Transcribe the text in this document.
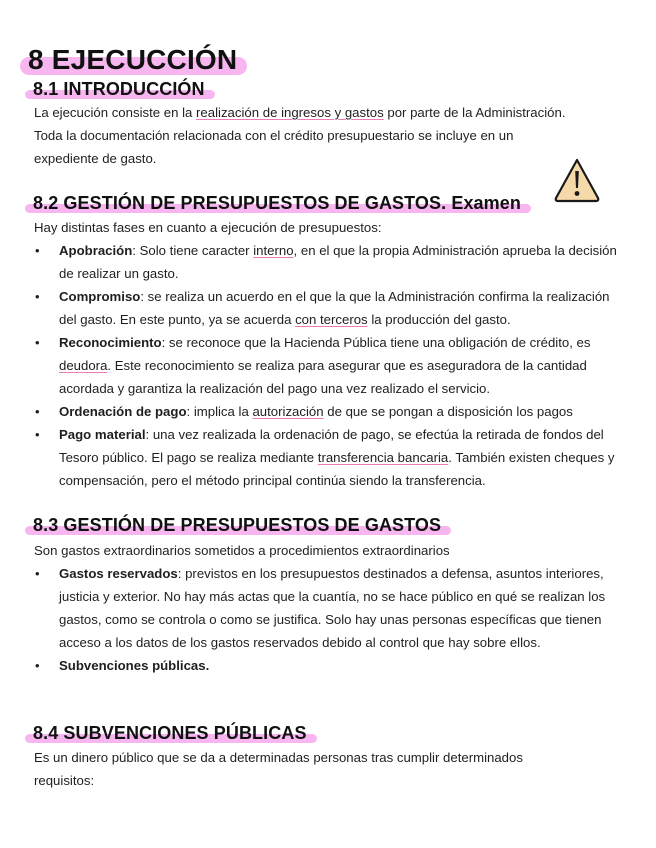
8 EJECUCCIÓN
8.1 INTRODUCCIÓN

La ejecución consiste en la realización de ingresos y gastos por parte de la Administración.

Toda la documentación relacionada con el crédito presupuestario se incluye en un

expediente de gasto.

8.2 GESTIÓN DE PRESUPUESTOS DE GASTOS. Examen
Hay distintas fases en cuanto a ejecución de presupuestos:
• Apobración: Solo tiene caracter interno, en el que la propia Administración aprueba la decisión de realizar un gasto.
• Compromiso: se realiza un acuerdo en el que la que la Administración confirma la realización del gasto. En este punto, ya se acuerda con terceros la producción del gasto.
• Reconocimiento: se reconoce que la Hacienda Pública tiene una obligación de crédito, es deudora. Este reconocimiento se realiza para asegurar que es aseguradora de la cantidad acordada y garantiza la realización del pago una vez realizado el servicio.
• Ordenación de pago: implica la autorización de que se pongan a disposición los pagos
• Pago material: una vez realizada la ordenación de pago, se efectúa la retirada de fondos del Tesoro público. El pago se realiza mediante transferencia bancaria. También existen cheques y compensación, pero el método principal continúa siendo la transferencia.
8.3 GESTIÓN DE PRESUPUESTOS DE GASTOS
Son gastos extraordinarios sometidos a procedimientos extraordinarios
• Gastos reservados: previstos en los presupuestos destinados a defensa, asuntos interiores, justicia y exterior. No hay más actas que la cuantía, no se hace público en qué se realizan los gastos, como se controla o como se justifica. Solo hay unas personas específicas que tienen acceso a los datos de los gastos reservados debido al control que hay sobre ellos.
• Subvenciones públicas.
8.4 SUBVENCIONES PÚBLICAS

Es un dinero público que se da a determinadas personas tras cumplir determinados

requisitos:
